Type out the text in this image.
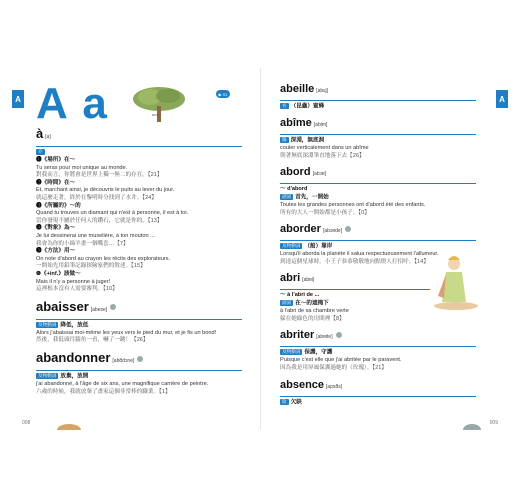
A A a
à [a]
介
❶《場所》在～
Tu seras pour moi unique au monde.
對我而言，你將會是世界上獨一無二的存在。【21】
❷《時間》在～
Et, marchant ainsi, je découvris le puits au lever du jour.
就這麼走著，終於在黎明時分找到了水井。【24】
❸《所屬的》～的
Quand tu trouves un diamant qui n'est à personne, il est à toi.
當你發現不屬於任何人的鑽石，它就是你的。【13】
❹《對象》為～
Je lui dessinerai une muselière, à ton mouton ...
我會為你的小綿羊畫一個嘴套…【7】
❺《方法》用～
On note d'abord au crayon les récits des explorateurs.
一開始先用鉛筆記錄探險家們的敘述。【15】
❻《+inf.》該做～
Mais il n'y a personne à juger!
這裡根本沒有人需要審判。【10】
abaisser [abese]
及物動詞 降低，放低
Alors j'abaissai moi-même les yeux vers le pied du mur, et je fis un bond!
然後，我低頭往牆角一看，嚇了一跳！【26】
abandonner [abɑ̃dɔne]
及物動詞 放棄，放開
j'ai abandonné, à l'âge de six ans, une magnifique carrière de peintre.
六歲的時候，我就放棄了畫家這個非常棒的職業。【1】
arbre
▶ 01
008
A
abeille [abɛj]
名 （昆蟲）蜜蜂
abîme [abim]
陽 深淵，無底洞
couler verticalement dans un abîme
朝著無底深淵筆直地落下去【26】
abord [abɔʀ]
～ d'abord
副詞 首先，一開始
Toutes les grandes personnes ont d'abord été des enfants.
所有的大人一開始都是小孩子。【0】
aborder [abɔʀde]
及物動詞 （船）靠岸
Lorsqu'il aborda la planète il salua respectueusement l'allumeur.
到達這個星球時，小王子恭恭敬敬地向點燈人打招呼。【14】
abri [abʀi]
～ à l'abri de ...
副詞 在～的遮掩下
à l'abri de sa chambre verte
躲在她綠色的房間裡【8】
abriter [abʀite]
及物動詞 保護，守護
Puisque c'est elle que j'ai abritée par le paravent.
因為我是用屏風保護過她的（玫瑰）。【21】
absence [apsɑ̃s]
陰 欠缺
009
